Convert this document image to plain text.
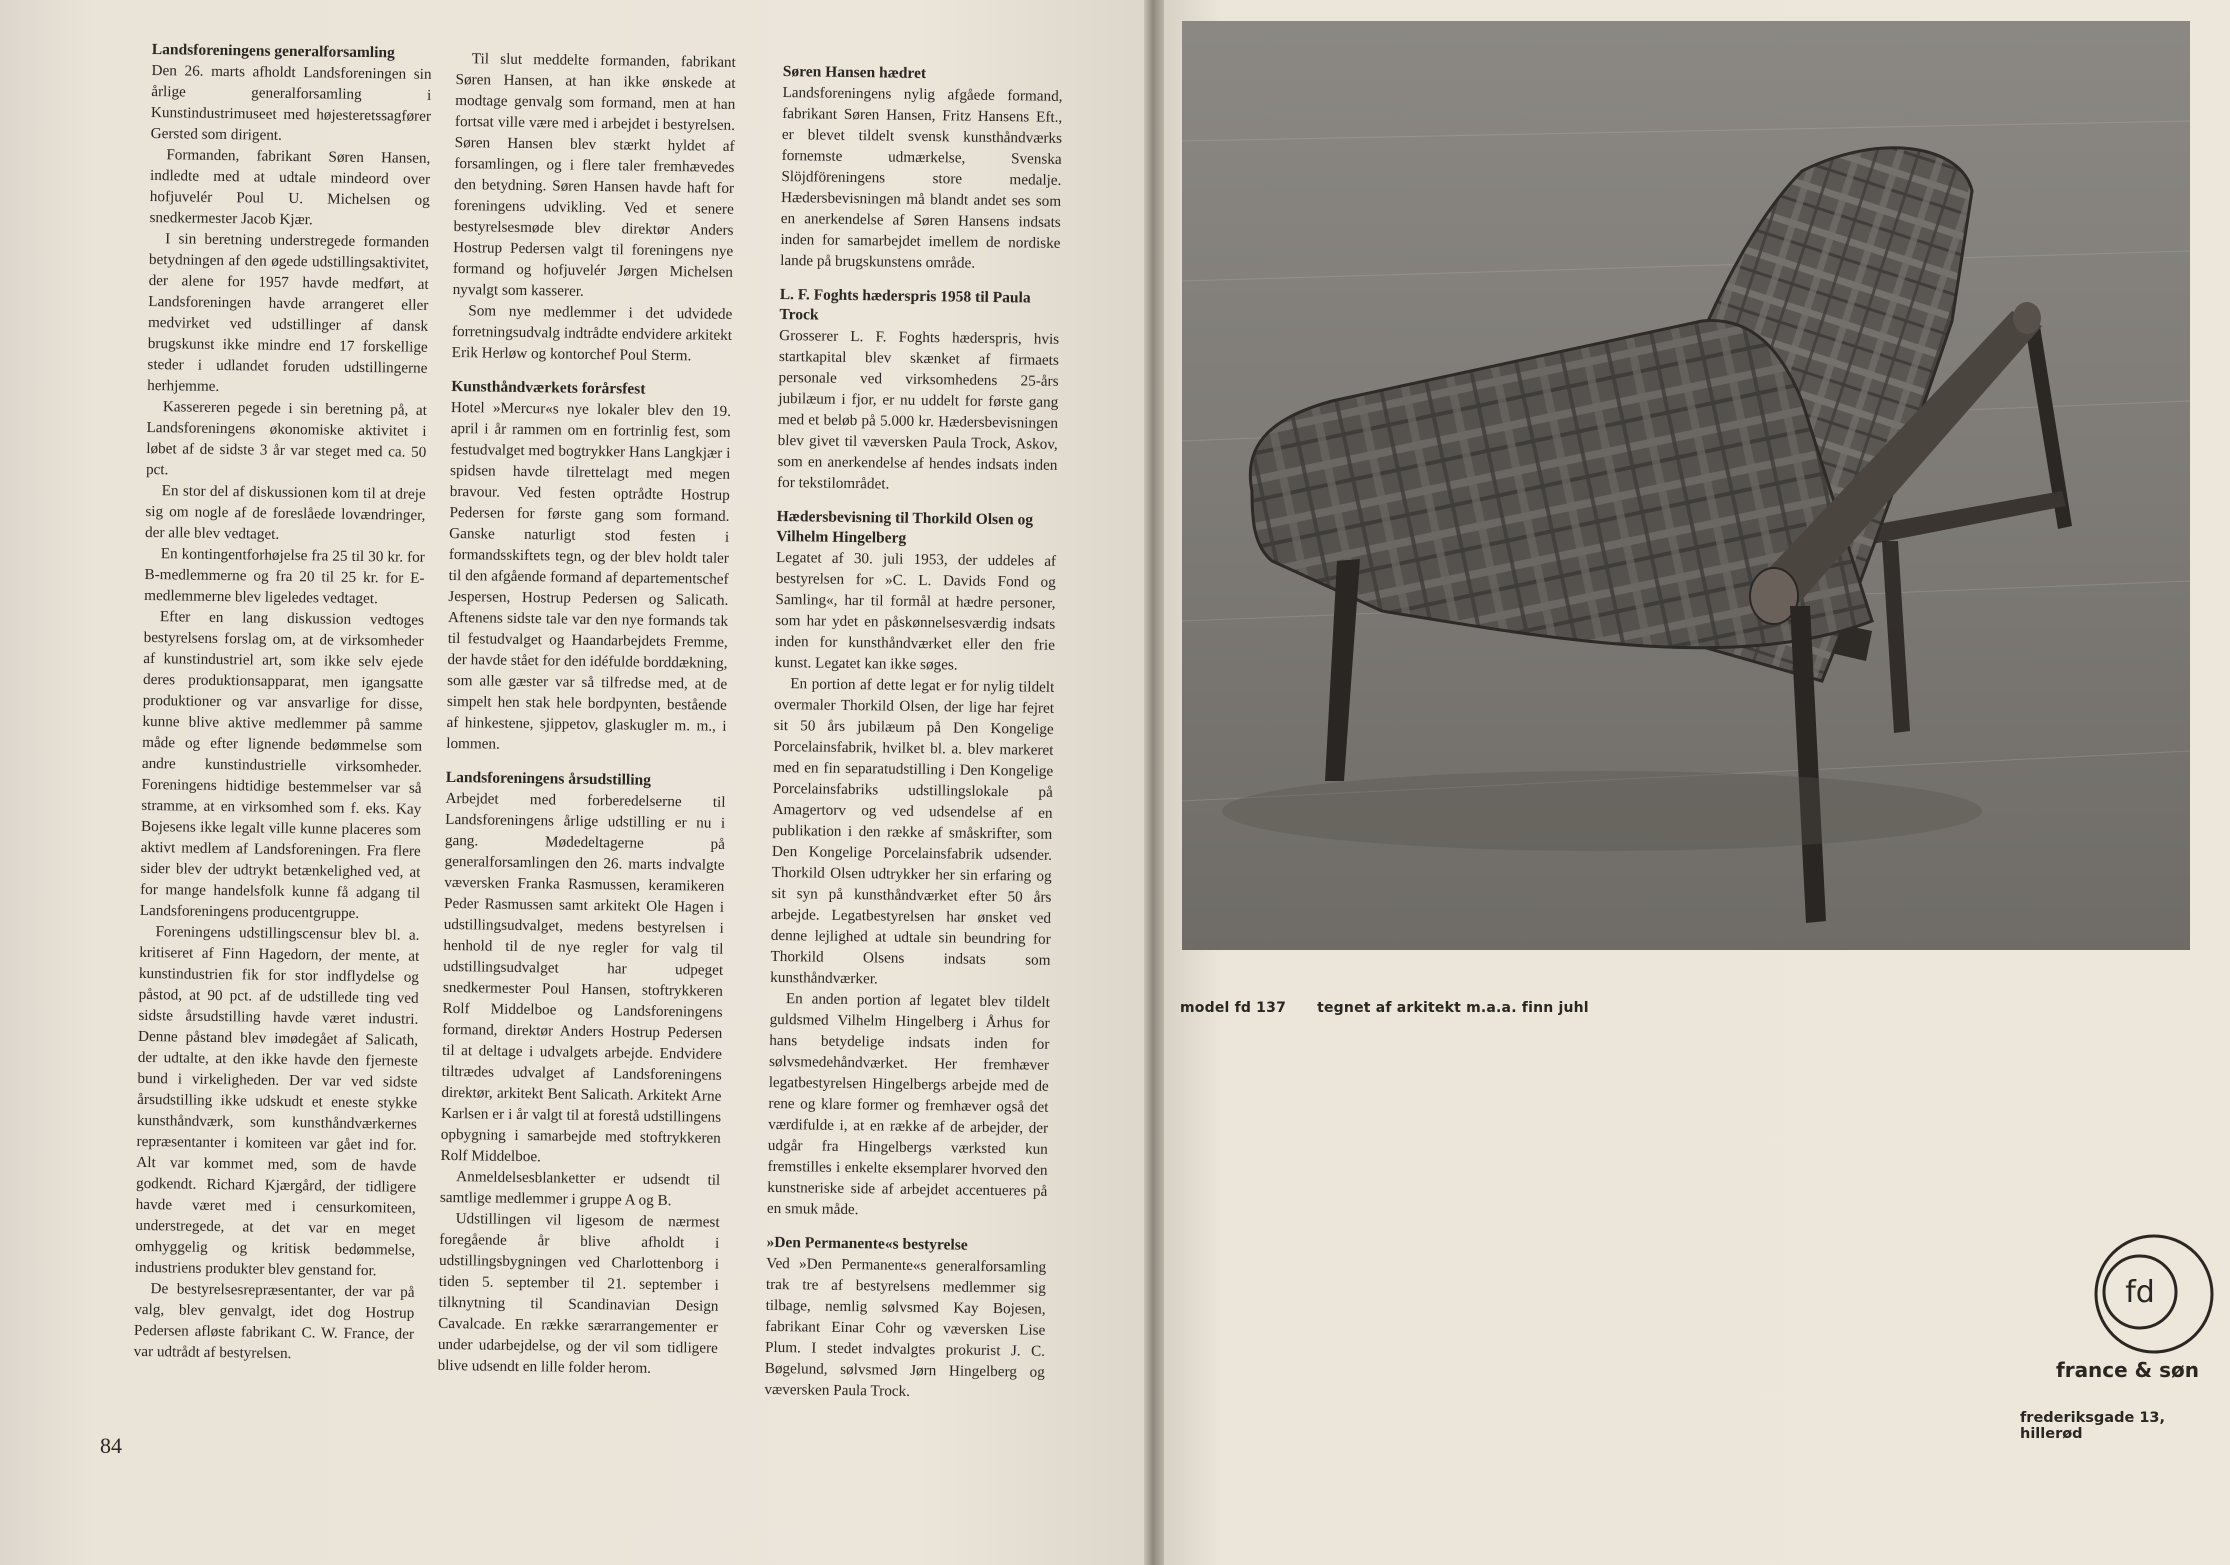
Landsforeningens generalforsamling

Den 26. marts afholdt Landsforeningen sin årlige generalforsamling i Kunstindustrimuseet med højesteretssagfører Gersted som dirigent.

Formanden, fabrikant Søren Hansen, indledte med at udtale mindeord over hofjuvelér Poul U. Michelsen og snedkermester Jacob Kjær.

I sin beretning understregede formanden betydningen af den øgede udstillingsaktivitet, der alene for 1957 havde medført, at Landsforeningen havde arrangeret eller medvirket ved udstillinger af dansk brugskunst ikke mindre end 17 forskellige steder i udlandet foruden udstillingerne herhjemme.

Kassereren pegede i sin beretning på, at Landsforeningens økonomiske aktivitet i løbet af de sidste 3 år var steget med ca. 50 pct.

En stor del af diskussionen kom til at dreje sig om nogle af de foreslåede lovændringer, der alle blev vedtaget.

En kontingentforhøjelse fra 25 til 30 kr. for B-medlemmerne og fra 20 til 25 kr. for E-medlemmerne blev ligeledes vedtaget.

Efter en lang diskussion vedtoges bestyrelsens forslag om, at de virksomheder af kunstindustriel art, som ikke selv ejede deres produktionsapparat, men igangsatte produktioner og var ansvarlige for disse, kunne blive aktive medlemmer på samme måde og efter lignende bedømmelse som andre kunstindustrielle virksomheder. Foreningens hidtidige bestemmelser var så stramme, at en virksomhed som f. eks. Kay Bojesens ikke legalt ville kunne placeres som aktivt medlem af Landsforeningen. Fra flere sider blev der udtrykt betænkelighed ved, at for mange handelsfolk kunne få adgang til Landsforeningens producentgruppe.

Foreningens udstillingscensur blev bl. a. kritiseret af Finn Hagedorn, der mente, at kunstindustrien fik for stor indflydelse og påstod, at 90 pct. af de udstillede ting ved sidste årsudstilling havde været industri. Denne påstand blev imødegået af Salicath, der udtalte, at den ikke havde den fjerneste bund i virkeligheden. Der var ved sidste årsudstilling ikke udskudt et eneste stykke kunsthåndværk, som kunsthåndværkernes repræsentanter i komiteen var gået ind for. Alt var kommet med, som de havde godkendt. Richard Kjærgård, der tidligere havde været med i censurkomiteen, understregede, at det var en meget omhyggelig og kritisk bedømmelse, industriens produkter blev genstand for.

De bestyrelsesrepræsentanter, der var på valg, blev genvalgt, idet dog Hostrup Pedersen afløste fabrikant C. W. France, der var udtrådt af bestyrelsen.

Til slut meddelte formanden, fabrikant Søren Hansen, at han ikke ønskede at modtage genvalg som formand, men at han fortsat ville være med i arbejdet i bestyrelsen. Søren Hansen blev stærkt hyldet af forsamlingen, og i flere taler fremhævedes den betydning. Søren Hansen havde haft for foreningens udvikling. Ved et senere bestyrelsesmøde blev direktør Anders Hostrup Pedersen valgt til foreningens nye formand og hofjuvelér Jørgen Michelsen nyvalgt som kasserer.

Som nye medlemmer i det udvidede forretningsudvalg indtrådte endvidere arkitekt Erik Herløw og kontorchef Poul Sterm.

Kunsthåndværkets forårsfest

Hotel »Mercur«s nye lokaler blev den 19. april i år rammen om en fortrinlig fest, som festudvalget med bogtrykker Hans Langkjær i spidsen havde tilrettelagt med megen bravour. Ved festen optrådte Hostrup Pedersen for første gang som formand. Ganske naturligt stod festen i formandsskiftets tegn, og der blev holdt taler til den afgående formand af departementschef Jespersen, Hostrup Pedersen og Salicath. Aftenens sidste tale var den nye formands tak til festudvalget og Haandarbejdets Fremme, der havde stået for den idéfulde borddækning, som alle gæster var så tilfredse med, at de simpelt hen stak hele bordpynten, bestående af hinkestene, sjippetov, glaskugler m. m., i lommen.

Landsforeningens årsudstilling

Arbejdet med forberedelserne til Landsforeningens årlige udstilling er nu i gang. Mødedeltagerne på generalforsamlingen den 26. marts indvalgte væversken Franka Rasmussen, keramikeren Peder Rasmussen samt arkitekt Ole Hagen i udstillingsudvalget, medens bestyrelsen i henhold til de nye regler for valg til udstillingsudvalget har udpeget snedkermester Poul Hansen, stoftrykkeren Rolf Middelboe og Landsforeningens formand, direktør Anders Hostrup Pedersen til at deltage i udvalgets arbejde. Endvidere tiltrædes udvalget af Landsforeningens direktør, arkitekt Bent Salicath. Arkitekt Arne Karlsen er i år valgt til at forestå udstillingens opbygning i samarbejde med stoftrykkeren Rolf Middelboe.

Anmeldelsesblanketter er udsendt til samtlige medlemmer i gruppe A og B.

Udstillingen vil ligesom de nærmest foregående år blive afholdt i udstillingsbygningen ved Charlottenborg i tiden 5. september til 21. september i tilknytning til Scandinavian Design Cavalcade. En række særarrangementer er under udarbejdelse, og der vil som tidligere blive udsendt en lille folder herom.

Søren Hansen hædret

Landsforeningens nylig afgåede formand, fabrikant Søren Hansen, Fritz Hansens Eft., er blevet tildelt svensk kunsthåndværks fornemste udmærkelse, Svenska Slöjdföreningens store medalje. Hædersbevisningen må blandt andet ses som en anerkendelse af Søren Hansens indsats inden for samarbejdet imellem de nordiske lande på brugskunstens område.

L. F. Foghts hæderspris 1958 til Paula Trock

Grosserer L. F. Foghts hæderspris, hvis startkapital blev skænket af firmaets personale ved virksomhedens 25-års jubilæum i fjor, er nu uddelt for første gang med et beløb på 5.000 kr. Hædersbevisningen blev givet til væversken Paula Trock, Askov, som en anerkendelse af hendes indsats inden for tekstilområdet.

Hædersbevisning til Thorkild Olsen og Vilhelm Hingelberg

Legatet af 30. juli 1953, der uddeles af bestyrelsen for »C. L. Davids Fond og Samling«, har til formål at hædre personer, som har ydet en påskønnelsesværdig indsats inden for kunsthåndværket eller den frie kunst. Legatet kan ikke søges.

En portion af dette legat er for nylig tildelt overmaler Thorkild Olsen, der lige har fejret sit 50 års jubilæum på Den Kongelige Porcelainsfabrik, hvilket bl. a. blev markeret med en fin separatudstilling i Den Kongelige Porcelainsfabriks udstillingslokale på Amagertorv og ved udsendelse af en publikation i den række af småskrifter, som Den Kongelige Porcelainsfabrik udsender. Thorkild Olsen udtrykker her sin erfaring og sit syn på kunsthåndværket efter 50 års arbejde. Legatbestyrelsen har ønsket ved denne lejlighed at udtale sin beundring for Thorkild Olsens indsats som kunsthåndværker.

En anden portion af legatet blev tildelt guldsmed Vilhelm Hingelberg i Århus for hans betydelige indsats inden for sølvsmedehåndværket. Her fremhæver legatbestyrelsen Hingelbergs arbejde med de rene og klare former og fremhæver også det værdifulde i, at en række af de arbejder, der udgår fra Hingelbergs værksted kun fremstilles i enkelte eksemplarer hvorved den kunstneriske side af arbejdet accentueres på en smuk måde.

»Den Permanente«s bestyrelse

Ved »Den Permanente«s generalforsamling trak tre af bestyrelsens medlemmer sig tilbage, nemlig sølvsmed Kay Bojesen, fabrikant Einar Cohr og væversken Lise Plum. I stedet indvalgtes prokurist J. C. Bøgelund, sølvsmed Jørn Hingelberg og væversken Paula Trock.

84
model fd 137 tegnet af arkitekt m.a.a. finn juhl
fd
france & søn
frederiksgade 13, hillerød
